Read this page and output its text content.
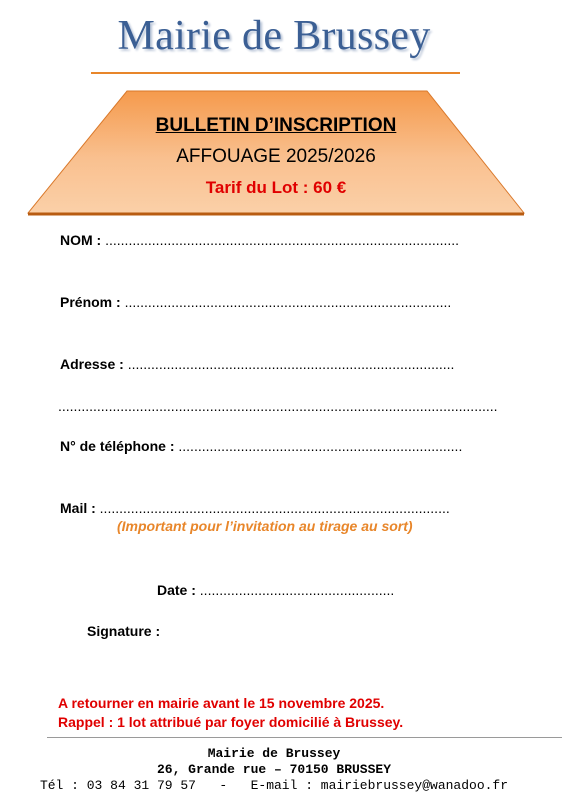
Mairie de Brussey
BULLETIN D’INSCRIPTION
AFFOUAGE 2025/2026
Tarif du Lot : 60 €
NOM : ...........................................................................................
Prénom : ....................................................................................
Adresse : ....................................................................................
.................................................................................................................
N° de téléphone : .........................................................................
Mail : ..........................................................................................
(Important pour l’invitation au tirage au sort)
Date : ..................................................
Signature :
A retourner en mairie avant le 15 novembre 2025.
Rappel : 1 lot attribué par foyer domicilié à Brussey.
Mairie de Brussey
26, Grande rue – 70150 BRUSSEY
Tél : 03 84 31 79 57   -   E-mail : mairiebrussey@wanadoo.fr
